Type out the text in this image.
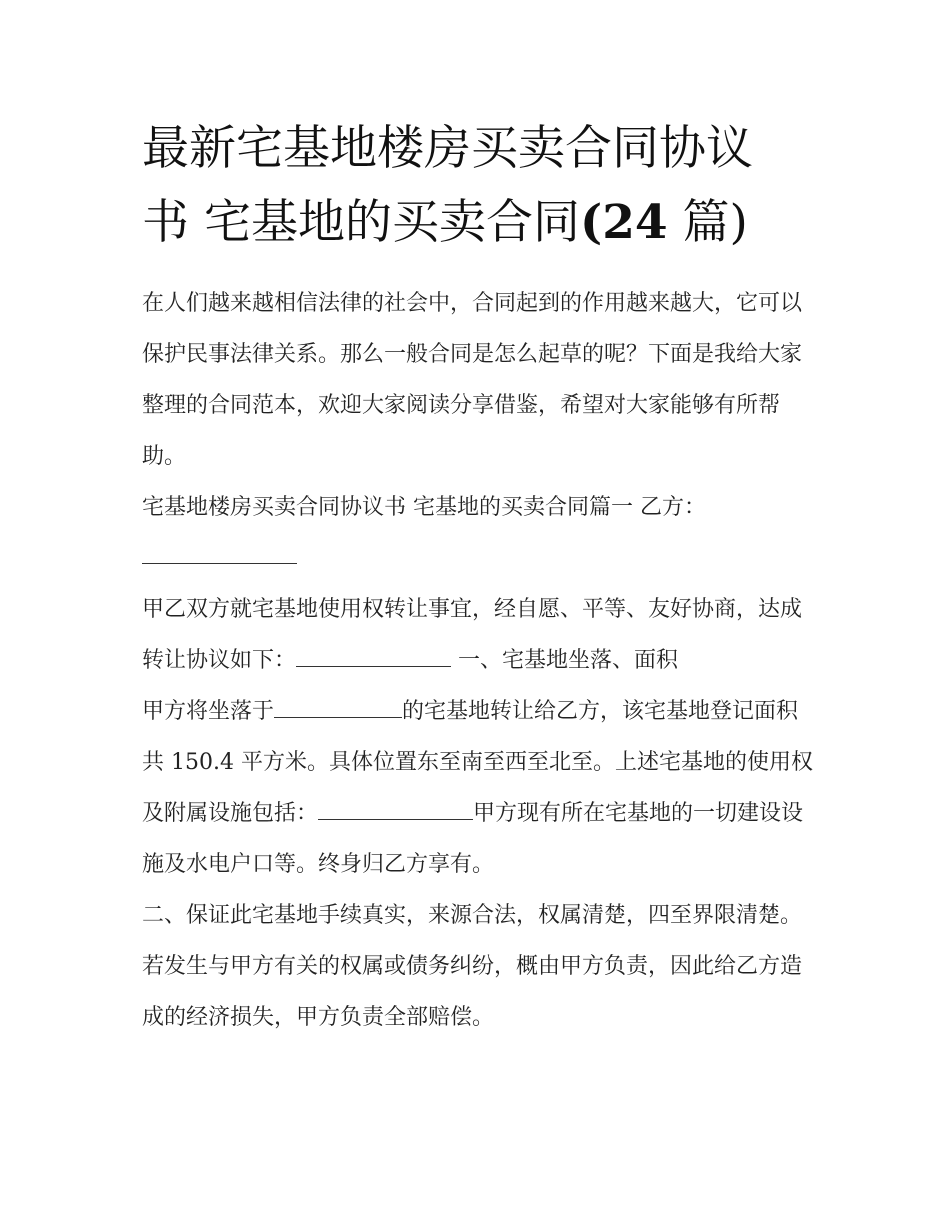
最新宅基地楼房买卖合同协议
书 宅基地的买卖合同(24 篇)

在人们越来越相信法律的社会中，合同起到的作用越来越大，它可以保护民事法律关系。那么一般合同是怎么起草的呢？下面是我给大家整理的合同范本，欢迎大家阅读分享借鉴，希望对大家能够有所帮助。

宅基地楼房买卖合同协议书 宅基地的买卖合同篇一 乙方：

甲乙双方就宅基地使用权转让事宜，经自愿、平等、友好协商，达成转让协议如下：	一、宅基地坐落、面积

甲方将坐落于	的宅基地转让给乙方，该宅基地登记面积共 150.4 平方米。具体位置东至南至西至北至。上述宅基地的使用权及附属设施包括：	甲方现有所在宅基地的一切建设设施及水电户口等。终身归乙方享有。

二、保证此宅基地手续真实，来源合法，权属清楚，四至界限清楚。若发生与甲方有关的权属或债务纠纷，概由甲方负责，因此给乙方造成的经济损失，甲方负责全部赔偿。
